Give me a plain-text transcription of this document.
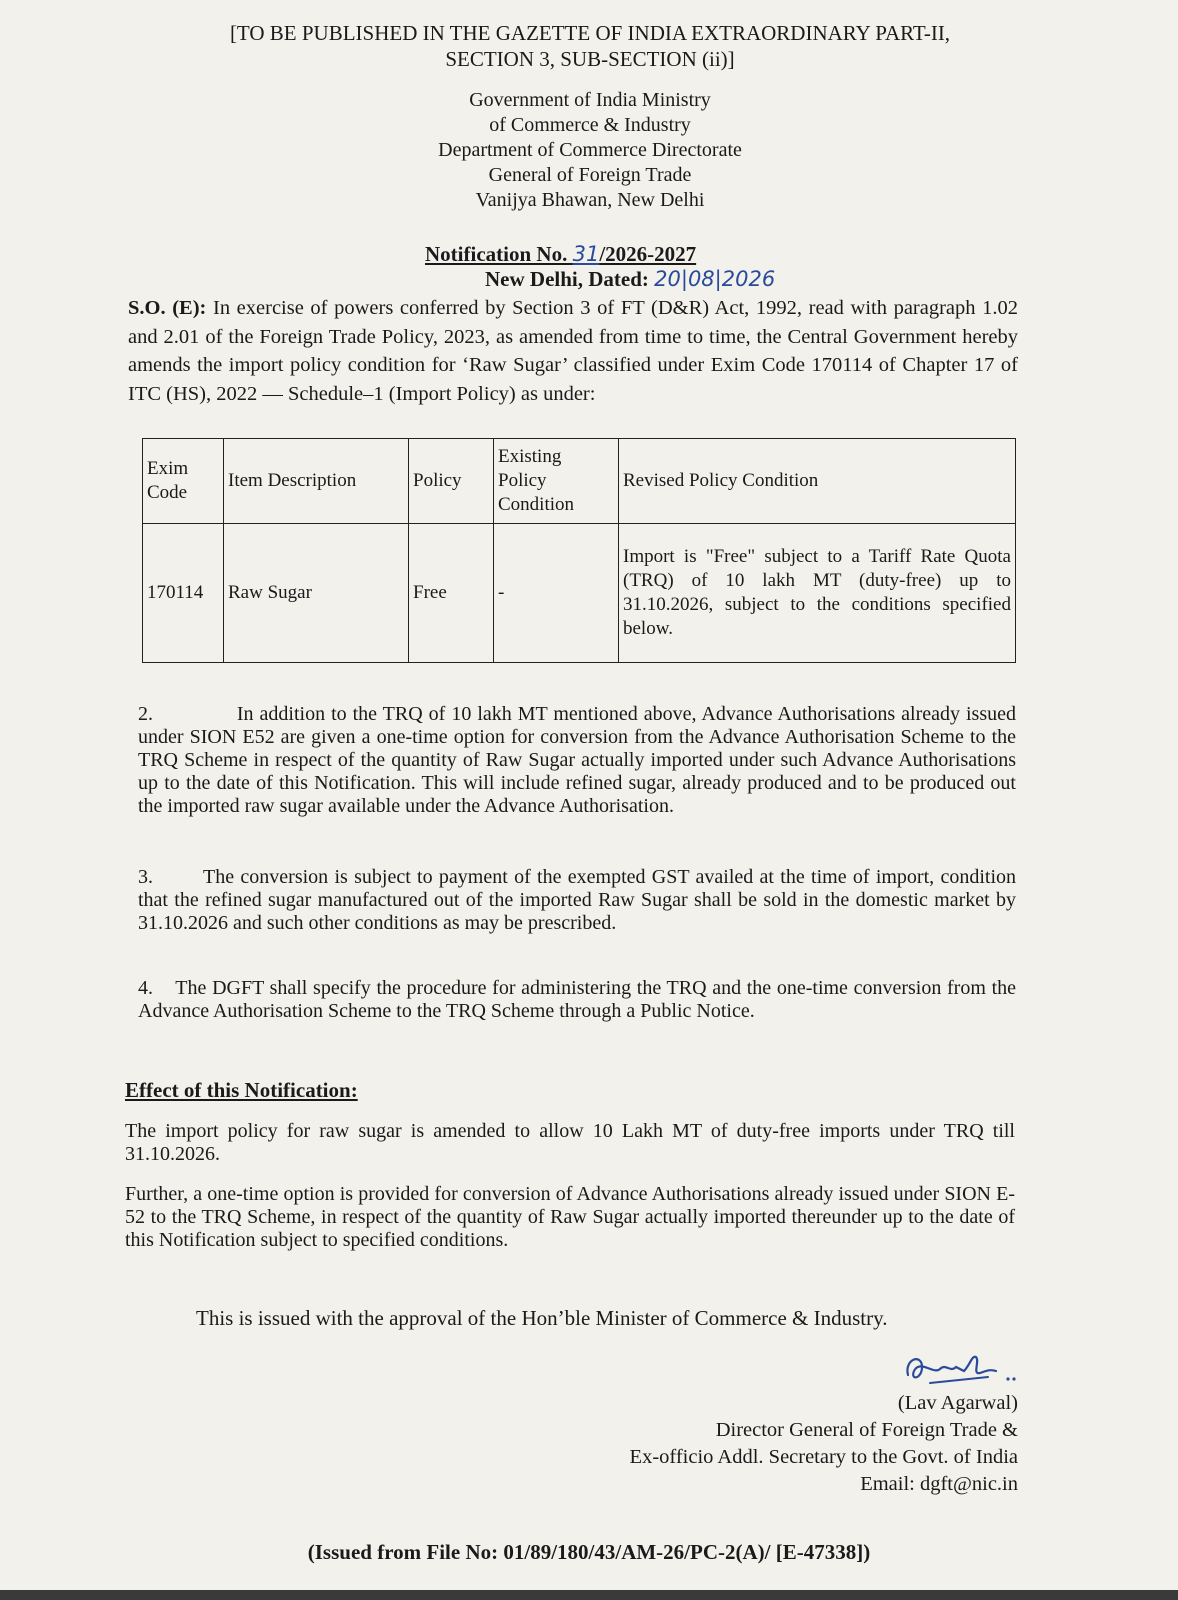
[TO BE PUBLISHED IN THE GAZETTE OF INDIA EXTRAORDINARY PART-II,
SECTION 3, SUB-SECTION (ii)]
Government of India Ministry
of Commerce & Industry
Department of Commerce Directorate
General of Foreign Trade
Vanijya Bhawan, New Delhi
Notification No. 31/2026-2027
New Delhi, Dated: 20|08|2026
S.O. (E): In exercise of powers conferred by Section 3 of FT (D&R) Act, 1992, read with paragraph 1.02 and 2.01 of the Foreign Trade Policy, 2023, as amended from time to time, the Central Government hereby amends the import policy condition for ‘Raw Sugar’ classified under Exim Code 170114 of Chapter 17 of ITC (HS), 2022 — Schedule–1 (Import Policy) as under:
Exim Code	Item Description	Policy	Existing Policy Condition	Revised Policy Condition
170114	Raw Sugar	Free	-	Import is "Free" subject to a Tariff Rate Quota (TRQ) of 10 lakh MT (duty-free) up to 31.10.2026, subject to the conditions specified below.
2.              In addition to the TRQ of 10 lakh MT mentioned above, Advance Authorisations already issued under SION E52 are given a one-time option for conversion from the Advance Authorisation Scheme to the TRQ Scheme in respect of the quantity of Raw Sugar actually imported under such Advance Authorisations up to the date of this Notification. This will include refined sugar, already produced and to be produced out the imported raw sugar available under the Advance Authorisation.
3.        The conversion is subject to payment of the exempted GST availed at the time of import, condition that the refined sugar manufactured out of the imported Raw Sugar shall be sold in the domestic market by 31.10.2026 and such other conditions as may be prescribed.
4.    The DGFT shall specify the procedure for administering the TRQ and the one-time conversion from the Advance Authorisation Scheme to the TRQ Scheme through a Public Notice.
Effect of this Notification:
The import policy for raw sugar is amended to allow 10 Lakh MT of duty-free imports under TRQ till 31.10.2026.
Further, a one-time option is provided for conversion of Advance Authorisations already issued under SION E-52 to the TRQ Scheme, in respect of the quantity of Raw Sugar actually imported thereunder up to the date of this Notification subject to specified conditions.
This is issued with the approval of the Hon’ble Minister of Commerce & Industry.
(Lav Agarwal)
Director General of Foreign Trade &
Ex-officio Addl. Secretary to the Govt. of India
Email: dgft@nic.in
(Issued from File No: 01/89/180/43/AM-26/PC-2(A)/ [E-47338])
